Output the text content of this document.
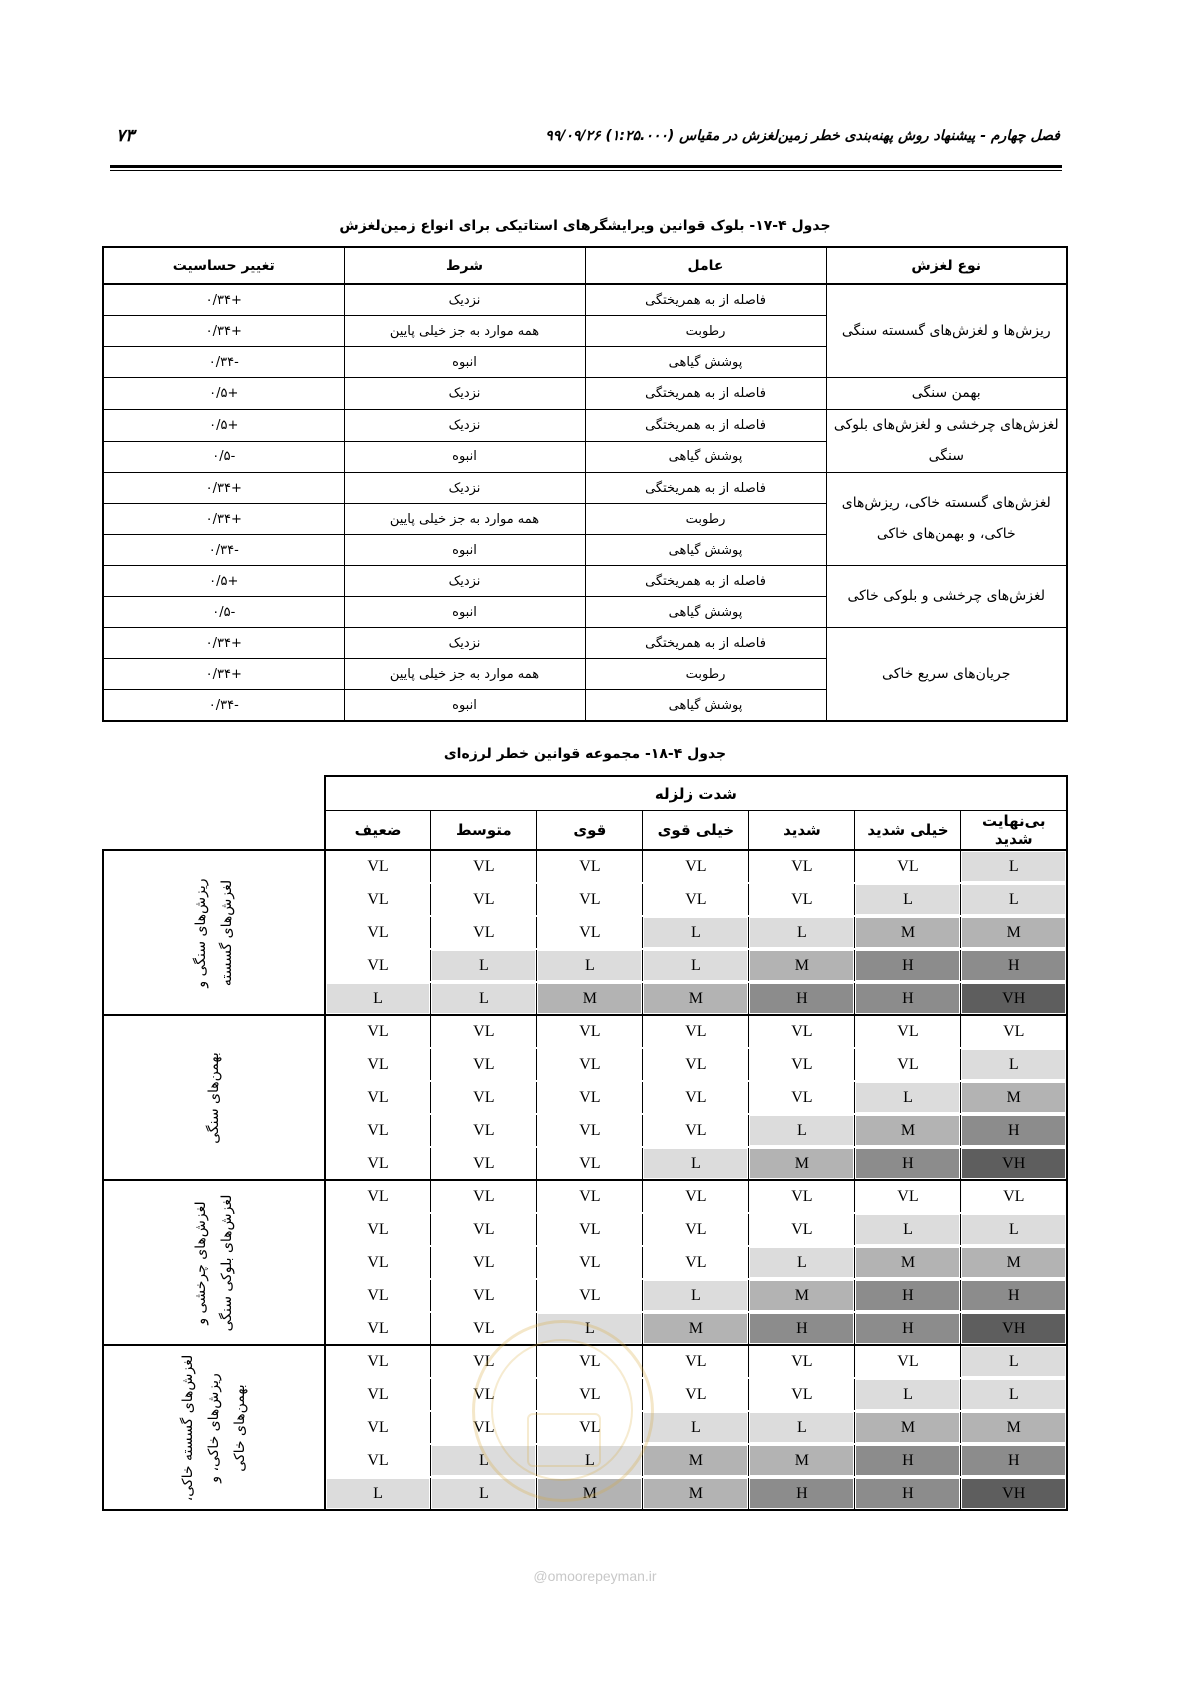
فصل چهارم - پیشنهاد روش پهنه‌بندی خطر زمین‌لغزش در مقیاس (۱:۲۵.۰۰۰) ۹۹/۰۹/۲۶
۷۳
جدول ۴-۱۷- بلوک قوانین ویرایشگرهای استاتیکی برای انواع زمین‌لغزش
نوع لغزش	عامل	شرط	تغییر حساسیت
ریزش‌ها و لغزش‌های گسسته سنگی	فاصله از به همریختگی	نزدیک	+۰/۳۴
	رطوبت	همه موارد به جز خیلی پایین	+۰/۳۴
	پوشش گیاهی	انبوه	-۰/۳۴
بهمن سنگی	فاصله از به همریختگی	نزدیک	+۰/۵
لغزش‌های چرخشی و لغزش‌های بلوکی سنگی	فاصله از به همریختگی	نزدیک	+۰/۵
	پوشش گیاهی	انبوه	-۰/۵
لغزش‌های گسسته خاکی، ریزش‌های خاکی، و بهمن‌های خاکی	فاصله از به همریختگی	نزدیک	+۰/۳۴
	رطوبت	همه موارد به جز خیلی پایین	+۰/۳۴
	پوشش گیاهی	انبوه	-۰/۳۴
لغزش‌های چرخشی و بلوکی خاکی	فاصله از به همریختگی	نزدیک	+۰/۵
	پوشش گیاهی	انبوه	-۰/۵
جریان‌های سریع خاکی	فاصله از به همریختگی	نزدیک	+۰/۳۴
	رطوبت	همه موارد به جز خیلی پایین	+۰/۳۴
	پوشش گیاهی	انبوه	-۰/۳۴
جدول ۴-۱۸- مجموعه قوانین خطر لرزه‌ای
شدت زلزله							
بی‌نهایت شدید	خیلی شدید	شدید	خیلی قوی	قوی	متوسط	ضعیف	
L	VL	VL	VL	VL	VL	VL	ریزش‌های سنگی و
لغزش‌های گسسته

L	L	VL	VL	VL	VL	VL	
M	M	L	L	VL	VL	VL	
H	H	M	L	L	L	VL	
VH	H	H	M	M	L	L	
VL	VL	VL	VL	VL	VL	VL	بهمن‌های سنگی

L	VL	VL	VL	VL	VL	VL	
M	L	VL	VL	VL	VL	VL	
H	M	L	VL	VL	VL	VL	
VH	H	M	L	VL	VL	VL	
VL	VL	VL	VL	VL	VL	VL	لغزش‌های چرخشی و
لغزش‌های بلوکی سنگی

L	L	VL	VL	VL	VL	VL	
M	M	L	VL	VL	VL	VL	
H	H	M	L	VL	VL	VL	
VH	H	H	M	L	VL	VL	
L	VL	VL	VL	VL	VL	VL	لغزش‌های گسسته خاکی،
ریزش‌های خاکی، و
بهمن‌های خاکی

L	L	VL	VL	VL	VL	VL	
M	M	L	L	VL	VL	VL	
H	H	M	M	L	L	VL	
VH	H	H	M	M	L	L	
@omoorepeyman.ir
